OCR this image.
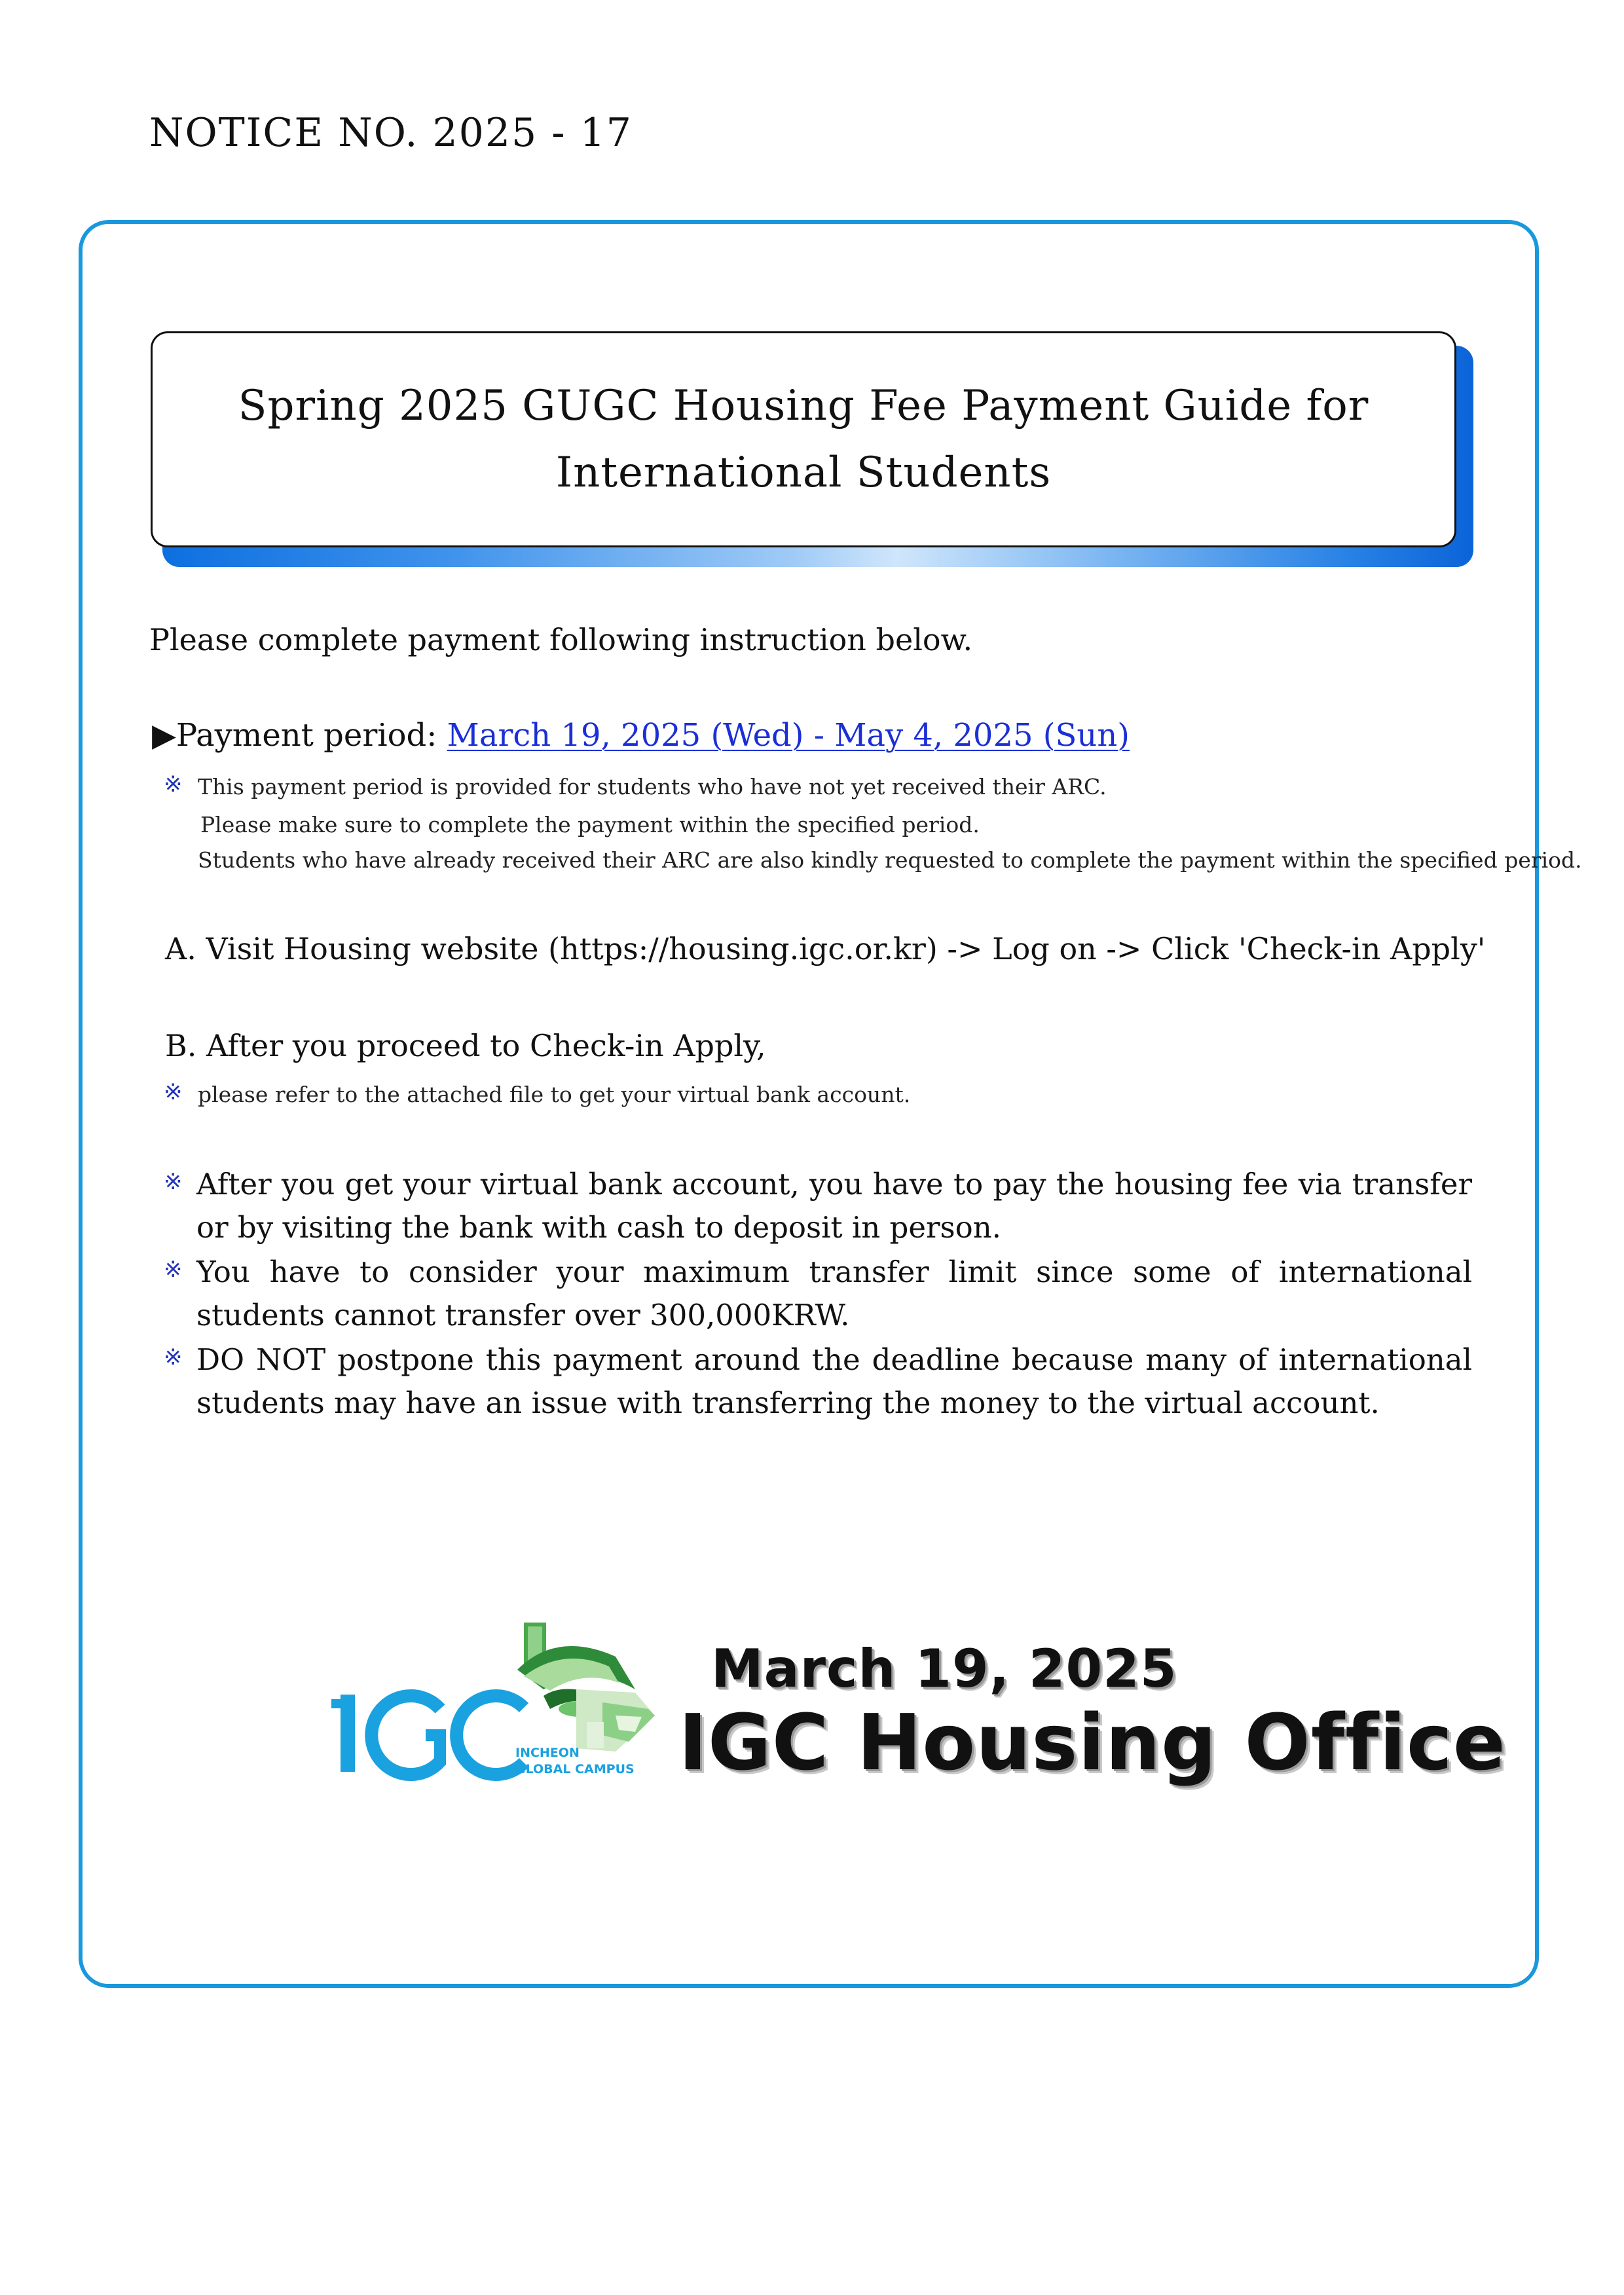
NOTICE NO. 2025 - 17
Spring 2025 GUGC Housing Fee Payment Guide for
International Students
Please complete payment following instruction below.
▶Payment period: March 19, 2025 (Wed) - May 4, 2025 (Sun)
※ This payment period is provided for students who have not yet received their ARC.
Please make sure to complete the payment within the specified period.
Students who have already received their ARC are also kindly requested to complete the payment within the specified period.
A. Visit Housing website (https://housing.igc.or.kr) -> Log on -> Click 'Check-in Apply'
B. After you proceed to Check-in Apply,
※ please refer to the attached file to get your virtual bank account.
※ After you get your virtual bank account, you have to pay the housing fee via transfer or by visiting the bank with cash to deposit in person.
※ You have to consider your maximum transfer limit since some of international students cannot transfer over 300,000KRW.
※ DO NOT postpone this payment around the deadline because many of international students may have an issue with transferring the money to the virtual account.
INCHEON
GLOBAL CAMPUS
March 19, 2025
IGC Housing Office
